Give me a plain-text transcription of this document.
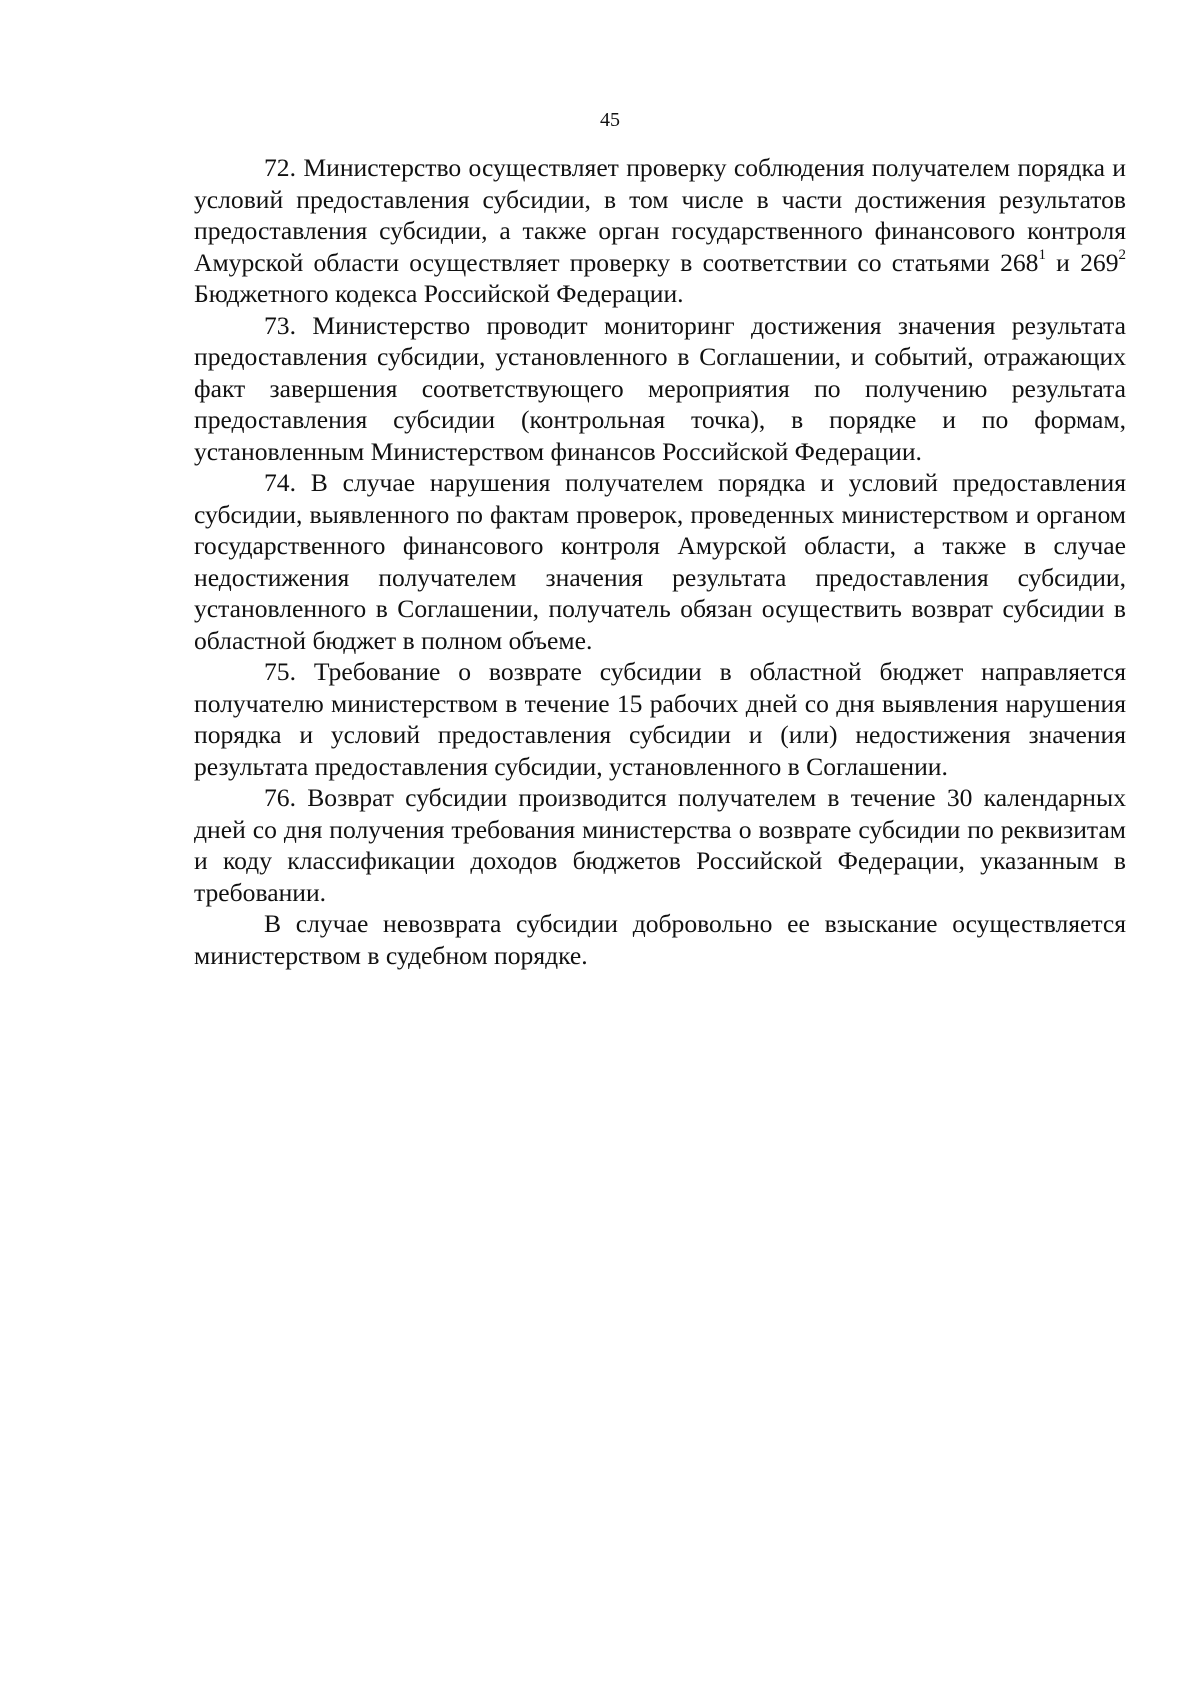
45

72. Министерство осуществляет проверку соблюдения получателем порядка и условий предоставления субсидии, в том числе в части достижения результатов предоставления субсидии, а также орган государственного финансового контроля Амурской области осуществляет проверку в соответствии со статьями $268^1$ и $269^2$ Бюджетного кодекса Российской Федерации.

73. Министерство проводит мониторинг достижения значения результата предоставления субсидии, установленного в Соглашении, и событий, отражающих факт завершения соответствующего мероприятия по получению результата предоставления субсидии (контрольная точка), в порядке и по формам, установленным Министерством финансов Российской Федерации.

74. В случае нарушения получателем порядка и условий предоставления субсидии, выявленного по фактам проверок, проведенных министерством и органом государственного финансового контроля Амурской области, а также в случае недостижения получателем значения результата предоставления субсидии, установленного в Соглашении, получатель обязан осуществить возврат субсидии в областной бюджет в полном объеме.

75. Требование о возврате субсидии в областной бюджет направляется получателю министерством в течение 15 рабочих дней со дня выявления нарушения порядка и условий предоставления субсидии и (или) недостижения значения результата предоставления субсидии, установленного в Соглашении.

76. Возврат субсидии производится получателем в течение 30 календарных дней со дня получения требования министерства о возврате субсидии по реквизитам и коду классификации доходов бюджетов Российской Федерации, указанным в требовании.

В случае невозврата субсидии добровольно ее взыскание осуществляется министерством в судебном порядке.
